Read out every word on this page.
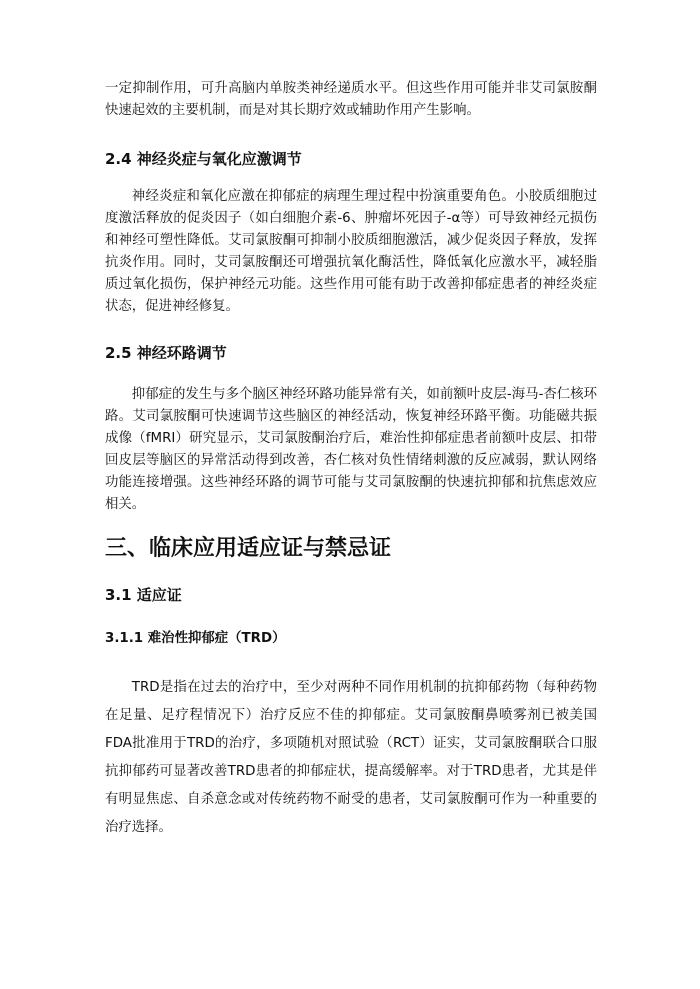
一定抑制作用，可升高脑内单胺类神经递质水平。但这些作用可能并非艾司氯胺酮快速起效的主要机制，而是对其长期疗效或辅助作用产生影响。

2.4 神经炎症与氧化应激调节

神经炎症和氧化应激在抑郁症的病理生理过程中扮演重要角色。小胶质细胞过度激活释放的促炎因子（如白细胞介素-6、肿瘤坏死因子-α等）可导致神经元损伤和神经可塑性降低。艾司氯胺酮可抑制小胶质细胞激活，减少促炎因子释放，发挥抗炎作用。同时，艾司氯胺酮还可增强抗氧化酶活性，降低氧化应激水平，减轻脂质过氧化损伤，保护神经元功能。这些作用可能有助于改善抑郁症患者的神经炎症状态，促进神经修复。

2.5 神经环路调节

抑郁症的发生与多个脑区神经环路功能异常有关，如前额叶皮层-海马-杏仁核环路。艾司氯胺酮可快速调节这些脑区的神经活动，恢复神经环路平衡。功能磁共振成像（fMRI）研究显示，艾司氯胺酮治疗后，难治性抑郁症患者前额叶皮层、扣带回皮层等脑区的异常活动得到改善，杏仁核对负性情绪刺激的反应减弱，默认网络功能连接增强。这些神经环路的调节可能与艾司氯胺酮的快速抗抑郁和抗焦虑效应相关。

三、临床应用适应证与禁忌证
3.1 适应证
3.1.1 难治性抑郁症（TRD）

TRD是指在过去的治疗中，至少对两种不同作用机制的抗抑郁药物（每种药物在足量、足疗程情况下）治疗反应不佳的抑郁症。艾司氯胺酮鼻喷雾剂已被美国FDA批准用于TRD的治疗，多项随机对照试验（RCT）证实，艾司氯胺酮联合口服抗抑郁药可显著改善TRD患者的抑郁症状，提高缓解率。对于TRD患者，尤其是伴有明显焦虑、自杀意念或对传统药物不耐受的患者，艾司氯胺酮可作为一种重要的治疗选择。
